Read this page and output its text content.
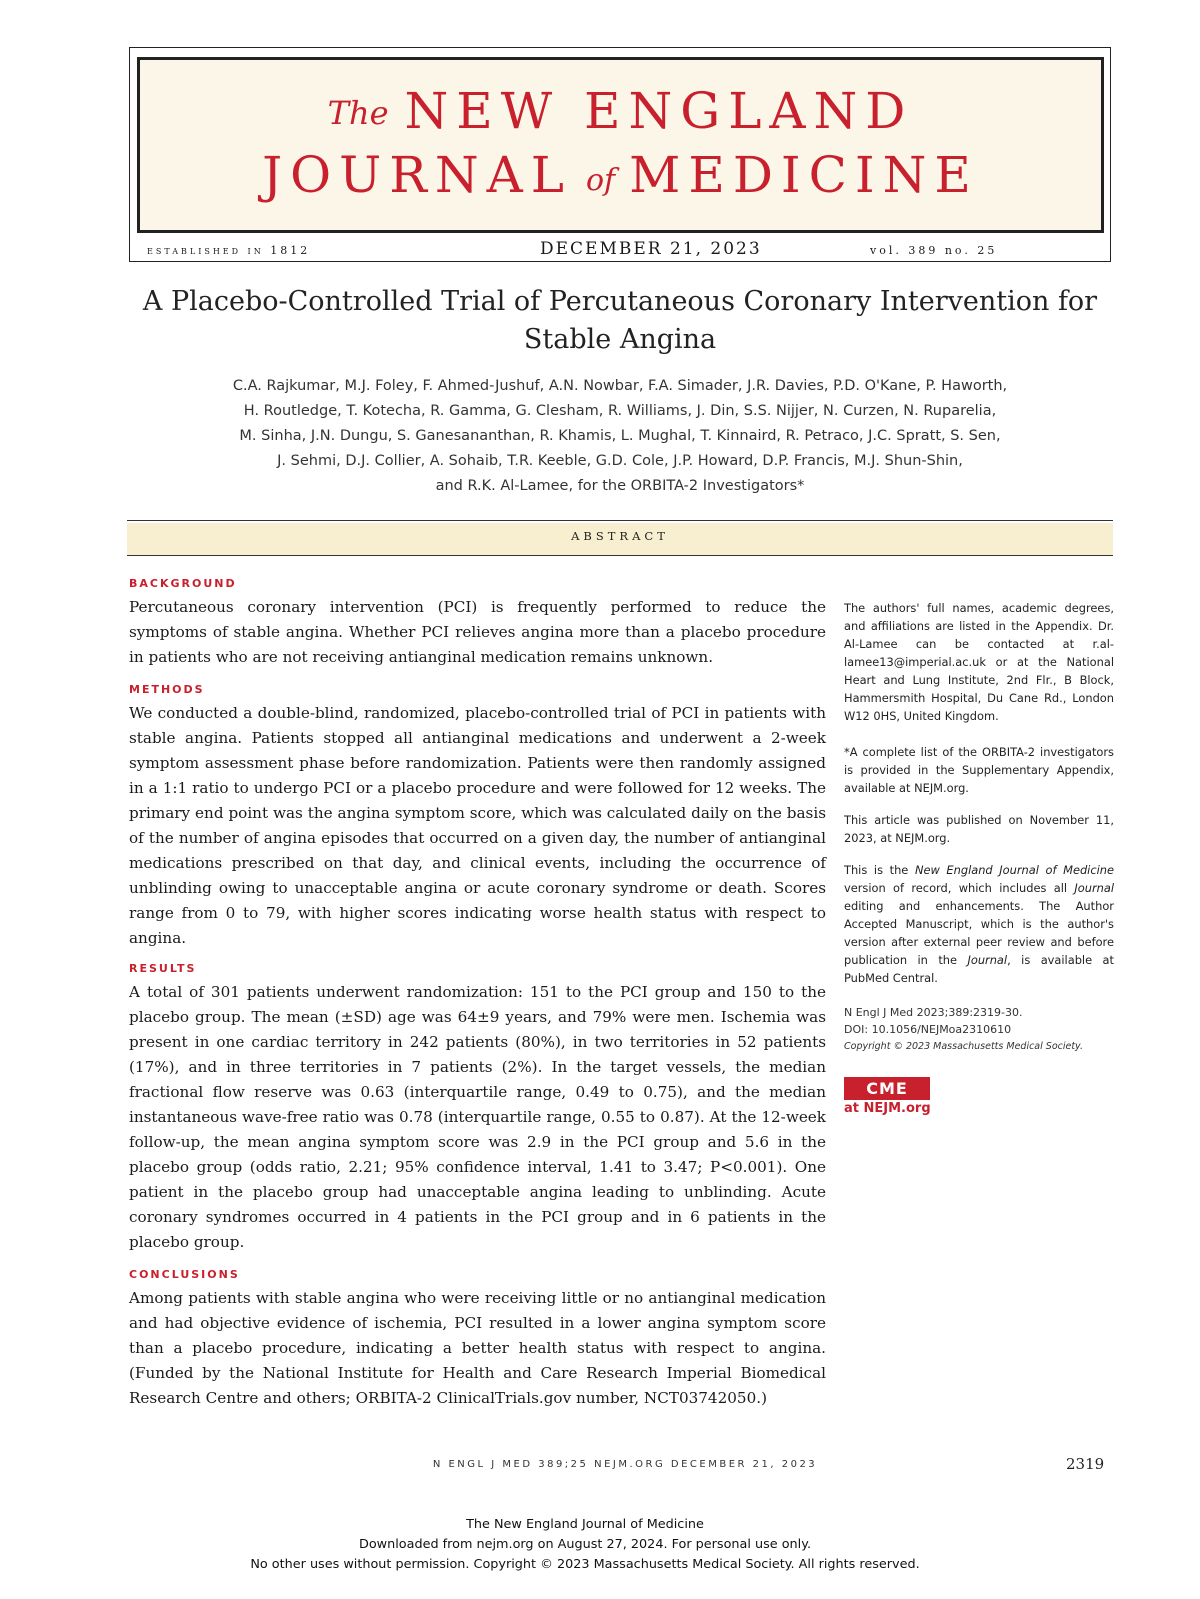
The NEW ENGLAND
JOURNAL of MEDICINE
established in 1812	DECEMBER 21, 2023	vol. 389 no. 25
A Placebo-Controlled Trial of Percutaneous Coronary Intervention for Stable Angina
C.A. Rajkumar, M.J. Foley, F. Ahmed-Jushuf, A.N. Nowbar, F.A. Simader, J.R. Davies, P.D. O'Kane, P. Haworth,
H. Routledge, T. Kotecha, R. Gamma, G. Clesham, R. Williams, J. Din, S.S. Nijjer, N. Curzen, N. Ruparelia,
M. Sinha, J.N. Dungu, S. Ganesananthan, R. Khamis, L. Mughal, T. Kinnaird, R. Petraco, J.C. Spratt, S. Sen,
J. Sehmi, D.J. Collier, A. Sohaib, T.R. Keeble, G.D. Cole, J.P. Howard, D.P. Francis, M.J. Shun-Shin,
and R.K. Al-Lamee, for the ORBITA-2 Investigators*
ABSTRACT
BACKGROUND
Percutaneous coronary intervention (PCI) is frequently performed to reduce the symptoms of stable angina. Whether PCI relieves angina more than a placebo procedure in patients who are not receiving antianginal medication remains unknown.
METHODS
We conducted a double-blind, randomized, placebo-controlled trial of PCI in patients with stable angina. Patients stopped all antianginal medications and underwent a 2-week symptom assessment phase before randomization. Patients were then randomly assigned in a 1:1 ratio to undergo PCI or a placebo procedure and were followed for 12 weeks. The primary end point was the angina symptom score, which was calculated daily on the basis of the number of angina episodes that occurred on a given day, the number of antianginal medications prescribed on that day, and clinical events, including the occurrence of unblinding owing to unacceptable angina or acute coronary syndrome or death. Scores range from 0 to 79, with higher scores indicating worse health status with respect to angina.
RESULTS
A total of 301 patients underwent randomization: 151 to the PCI group and 150 to the placebo group. The mean (±SD) age was 64±9 years, and 79% were men. Ischemia was present in one cardiac territory in 242 patients (80%), in two territories in 52 patients (17%), and in three territories in 7 patients (2%). In the target vessels, the median fractional flow reserve was 0.63 (interquartile range, 0.49 to 0.75), and the median instantaneous wave-free ratio was 0.78 (interquartile range, 0.55 to 0.87). At the 12-week follow-up, the mean angina symptom score was 2.9 in the PCI group and 5.6 in the placebo group (odds ratio, 2.21; 95% confidence interval, 1.41 to 3.47; P<0.001). One patient in the placebo group had unacceptable angina leading to unblinding. Acute coronary syndromes occurred in 4 patients in the PCI group and in 6 patients in the placebo group.
CONCLUSIONS
Among patients with stable angina who were receiving little or no antianginal medication and had objective evidence of ischemia, PCI resulted in a lower angina symptom score than a placebo procedure, indicating a better health status with respect to angina. (Funded by the National Institute for Health and Care Research Imperial Biomedical Research Centre and others; ORBITA-2 ClinicalTrials.gov number, NCT03742050.)
The authors' full names, academic degrees, and affiliations are listed in the Appendix. Dr. Al-Lamee can be contacted at r.al-lamee13@imperial.ac.uk or at the National Heart and Lung Institute, 2nd Flr., B Block, Hammersmith Hospital, Du Cane Rd., London W12 0HS, United Kingdom.
*A complete list of the ORBITA-2 investigators is provided in the Supplementary Appendix, available at NEJM.org.
This article was published on November 11, 2023, at NEJM.org.
This is the New England Journal of Medicine version of record, which includes all Journal editing and enhancements. The Author Accepted Manuscript, which is the author's version after external peer review and before publication in the Journal, is available at PubMed Central.
N Engl J Med 2023;389:2319-30.
DOI: 10.1056/NEJMoa2310610
Copyright © 2023 Massachusetts Medical Society.
CME
at NEJM.org
N ENGL J MED 389;25 NEJM.ORG DECEMBER 21, 2023	2319
The New England Journal of Medicine
Downloaded from nejm.org on August 27, 2024. For personal use only.
No other uses without permission. Copyright © 2023 Massachusetts Medical Society. All rights reserved.
